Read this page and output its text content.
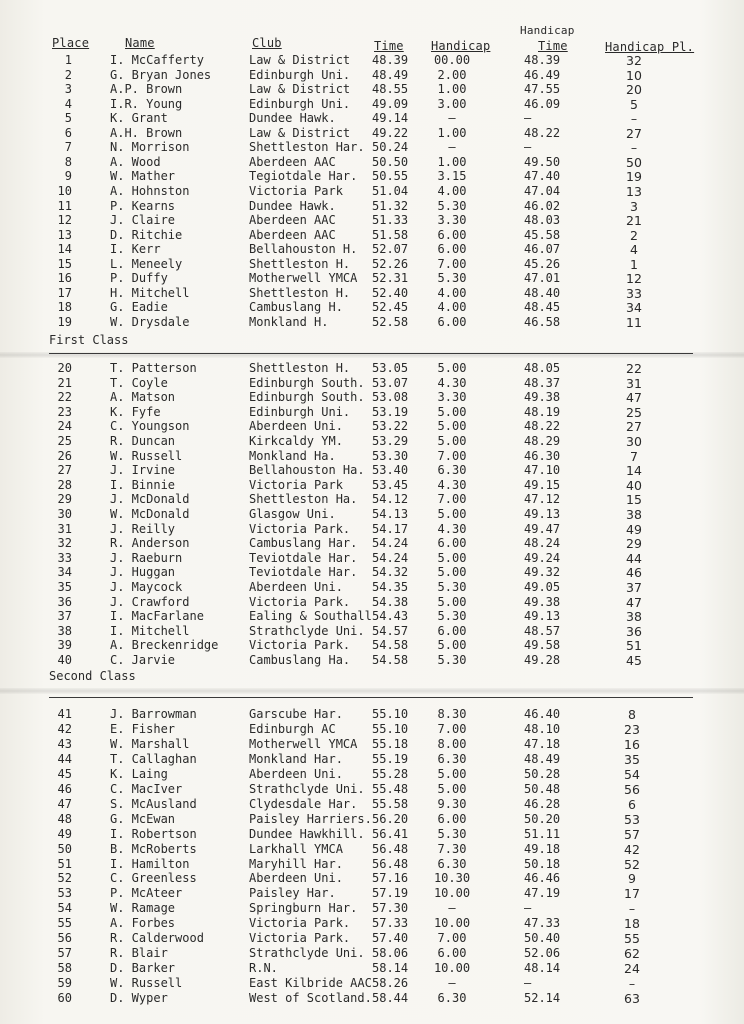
Place	Name	Club	Time Handicap
Handicap
Time	Handicap Pl.
1	I. McCafferty	Law & District 48.39	00.00	48.39	32
2	G. Bryan Jones	Edinburgh Uni. 48.49	2.00	46.49	10
3	A.P. Brown	Law & District 48.55	1.00	47.55	20
4	I.R. Young	Edinburgh Uni. 49.09	3.00	46.09	5
5	K. Grant	Dundee Hawk.	49.14	–	–	–
6	A.H. Brown	Law & District 49.22	1.00	48.22	27
7	N. Morrison	Shettleston Har. 50.24	–	–	–
8	A. Wood	Aberdeen AAC	50.50	1.00	49.50	50
9	W. Mather	Tegiotdale Har. 50.55	3.15	47.40	19
10	A. Hohnston	Victoria Park 51.04	4.00	47.04	13
11	P. Kearns	Dundee Hawk.	51.32	5.30	46.02	3
12	J. Claire	Aberdeen AAC	51.33	3.30	48.03	21
13	D. Ritchie	Aberdeen AAC	51.58	6.00	45.58	2
14	I. Kerr	Bellahouston H. 52.07	6.00	46.07	4
15	L. Meneely	Shettleston H. 52.26	7.00	45.26	1
16	P. Duffy	Motherwell YMCA 52.31	5.30	47.01	12
17	H. Mitchell	Shettleston H. 52.40	4.00	48.40	33
18	G. Eadie	Cambuslang H. 52.45	4.00	48.45	34
19	W. Drysdale	Monkland H.	52.58	6.00	46.58	11
First Class
20	T. Patterson	Shettleston H. 53.05	5.00	48.05	22
21	T. Coyle	Edinburgh South. 53.07	4.30	48.37	31
22	A. Matson	Edinburgh South. 53.08	3.30	49.38	47
23	K. Fyfe	Edinburgh Uni. 53.19	5.00	48.19	25
24	C. Youngson	Aberdeen Uni. 53.22	5.00	48.22	27
25	R. Duncan	Kirkcaldy YM. 53.29	5.00	48.29	30
26	W. Russell	Monkland Ha.	53.30	7.00	46.30	7
27	J. Irvine	Bellahouston Ha. 53.40	6.30	47.10	14
28	I. Binnie	Victoria Park 53.45	4.30	49.15	40
29	J. McDonald	Shettleston Ha. 54.12	7.00	47.12	15
30	W. McDonald	Glasgow Uni.	54.13	5.00	49.13	38
31	J. Reilly	Victoria Park. 54.17	4.30	49.47	49
32	R. Anderson	Cambuslang Har. 54.24	6.00	48.24	29
33	J. Raeburn	Teviotdale Har. 54.24	5.00	49.24	44
34	J. Huggan	Teviotdale Har. 54.32	5.00	49.32	46
35	J. Maycock	Aberdeen Uni. 54.35	5.30	49.05	37
36	J. Crawford	Victoria Park. 54.38	5.00	49.38	47
37	I. MacFarlane	Ealing & Southall 54.43	5.30	49.13	38
38	I. Mitchell	Strathclyde Uni. 54.57	6.00	48.57	36
39	A. Breckenridge	Victoria Park. 54.58	5.00	49.58	51
40	C. Jarvie	Cambuslang Ha. 54.58	5.30	49.28	45
Second Class
41	J. Barrowman	Garscube Har. 55.10	8.30	46.40	8
42	E. Fisher	Edinburgh AC	55.10	7.00	48.10	23
43	W. Marshall	Motherwell YMCA 55.18	8.00	47.18	16
44	T. Callaghan	Monkland Har. 55.19	6.30	48.49	35
45	K. Laing	Aberdeen Uni. 55.28	5.00	50.28	54
46	C. MacIver	Strathclyde Uni. 55.48	5.00	50.48	56
47	S. McAusland	Clydesdale Har. 55.58	9.30	46.28	6
48	G. McEwan	Paisley Harriers. 56.20	6.00	50.20	53
49	I. Robertson	Dundee Hawkhill. 56.41	5.30	51.11	57
50	B. McRoberts	Larkhall YMCA 56.48	7.30	49.18	42
51	I. Hamilton	Maryhill Har. 56.48	6.30	50.18	52
52	C. Greenless	Aberdeen Uni. 57.16	10.30	46.46	9
53	P. McAteer	Paisley Har.	57.19	10.00	47.19	17
54	W. Ramage	Springburn Har. 57.30	–	–	–
55	A. Forbes	Victoria Park. 57.33	10.00	47.33	18
56	R. Calderwood	Victoria Park. 57.40	7.00	50.40	55
57	R. Blair	Strathclyde Uni. 58.06	6.00	52.06	62
58	D. Barker	R.N.	58.14	10.00	48.14	24
59	W. Russell	East Kilbride AAC 58.26	–	–	–
60	D. Wyper	West of Scotland. 58.44	6.30	52.14	63
